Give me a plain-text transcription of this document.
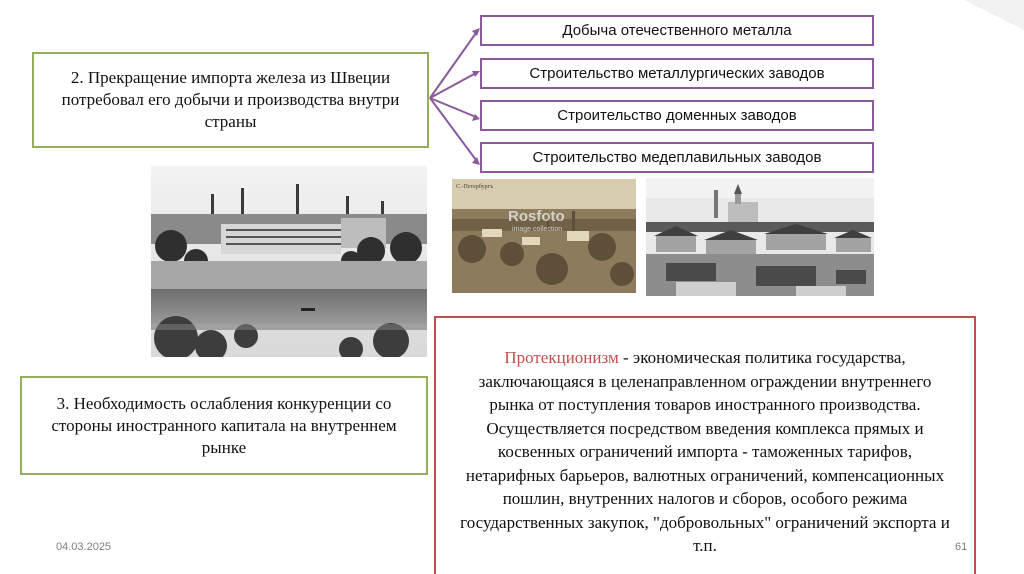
2. Прекращение импорта железа из Швеции потребовал его добычи и производства внутри страны
Добыча отечественного металла
Строительство металлургических заводов
Строительство доменных заводов
Строительство медеплавильных заводов
Rosfoto
image collection
С.-Петербургъ
3. Необходимость ослабления конкуренции со стороны иностранного капитала на внутреннем рынке
Протекционизм - экономическая политика государства, заключающаяся в целенаправленном ограждении внутреннего рынка от поступления товаров иностранного производства. Осуществляется посредством введения комплекса прямых и косвенных ограничений импорта - таможенных тарифов, нетарифных барьеров, валютных ограничений, компенсационных пошлин, внутренних налогов и сборов, особого режима государственных закупок, "добровольных" ограничений экспорта и т.п.
04.03.2025	61
